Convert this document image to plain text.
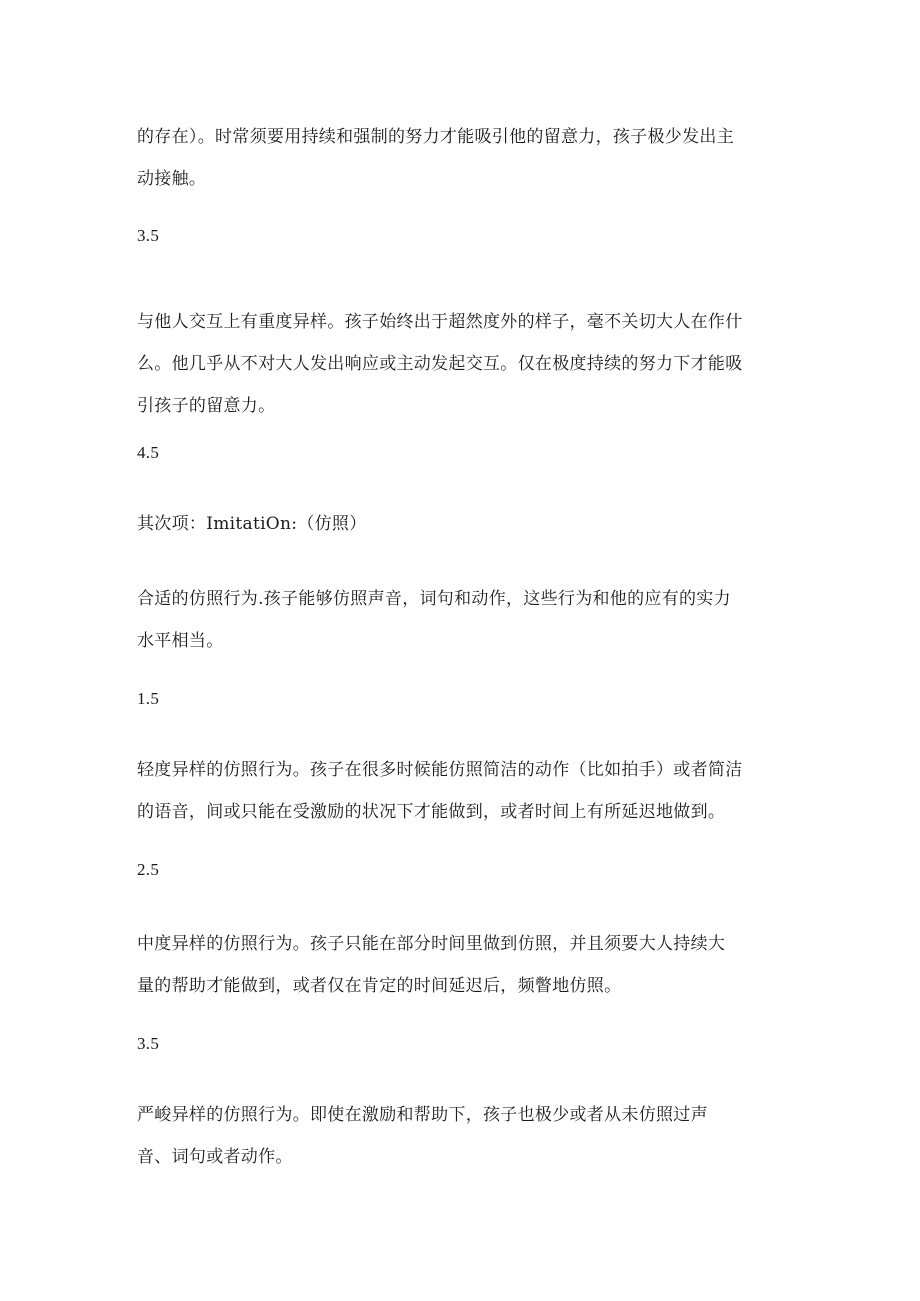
的存在）。时常须要用持续和强制的努力才能吸引他的留意力，孩子极少发出主
动接触。

3.5

与他人交互上有重度异样。孩子始终出于超然度外的样子，毫不关切大人在作什
么。他几乎从不对大人发出响应或主动发起交互。仅在极度持续的努力下才能吸
引孩子的留意力。

4.5

其次项：ImitatiOn:（仿照）

合适的仿照行为.孩子能够仿照声音，词句和动作，这些行为和他的应有的实力
水平相当。

1.5

轻度异样的仿照行为。孩子在很多时候能仿照简洁的动作（比如拍手）或者简洁
的语音，间或只能在受激励的状况下才能做到，或者时间上有所延迟地做到。

2.5

中度异样的仿照行为。孩子只能在部分时间里做到仿照，并且须要大人持续大
量的帮助才能做到，或者仅在肯定的时间延迟后，频瞥地仿照。

3.5

严峻异样的仿照行为。即使在激励和帮助下，孩子也极少或者从未仿照过声
音、词句或者动作。
